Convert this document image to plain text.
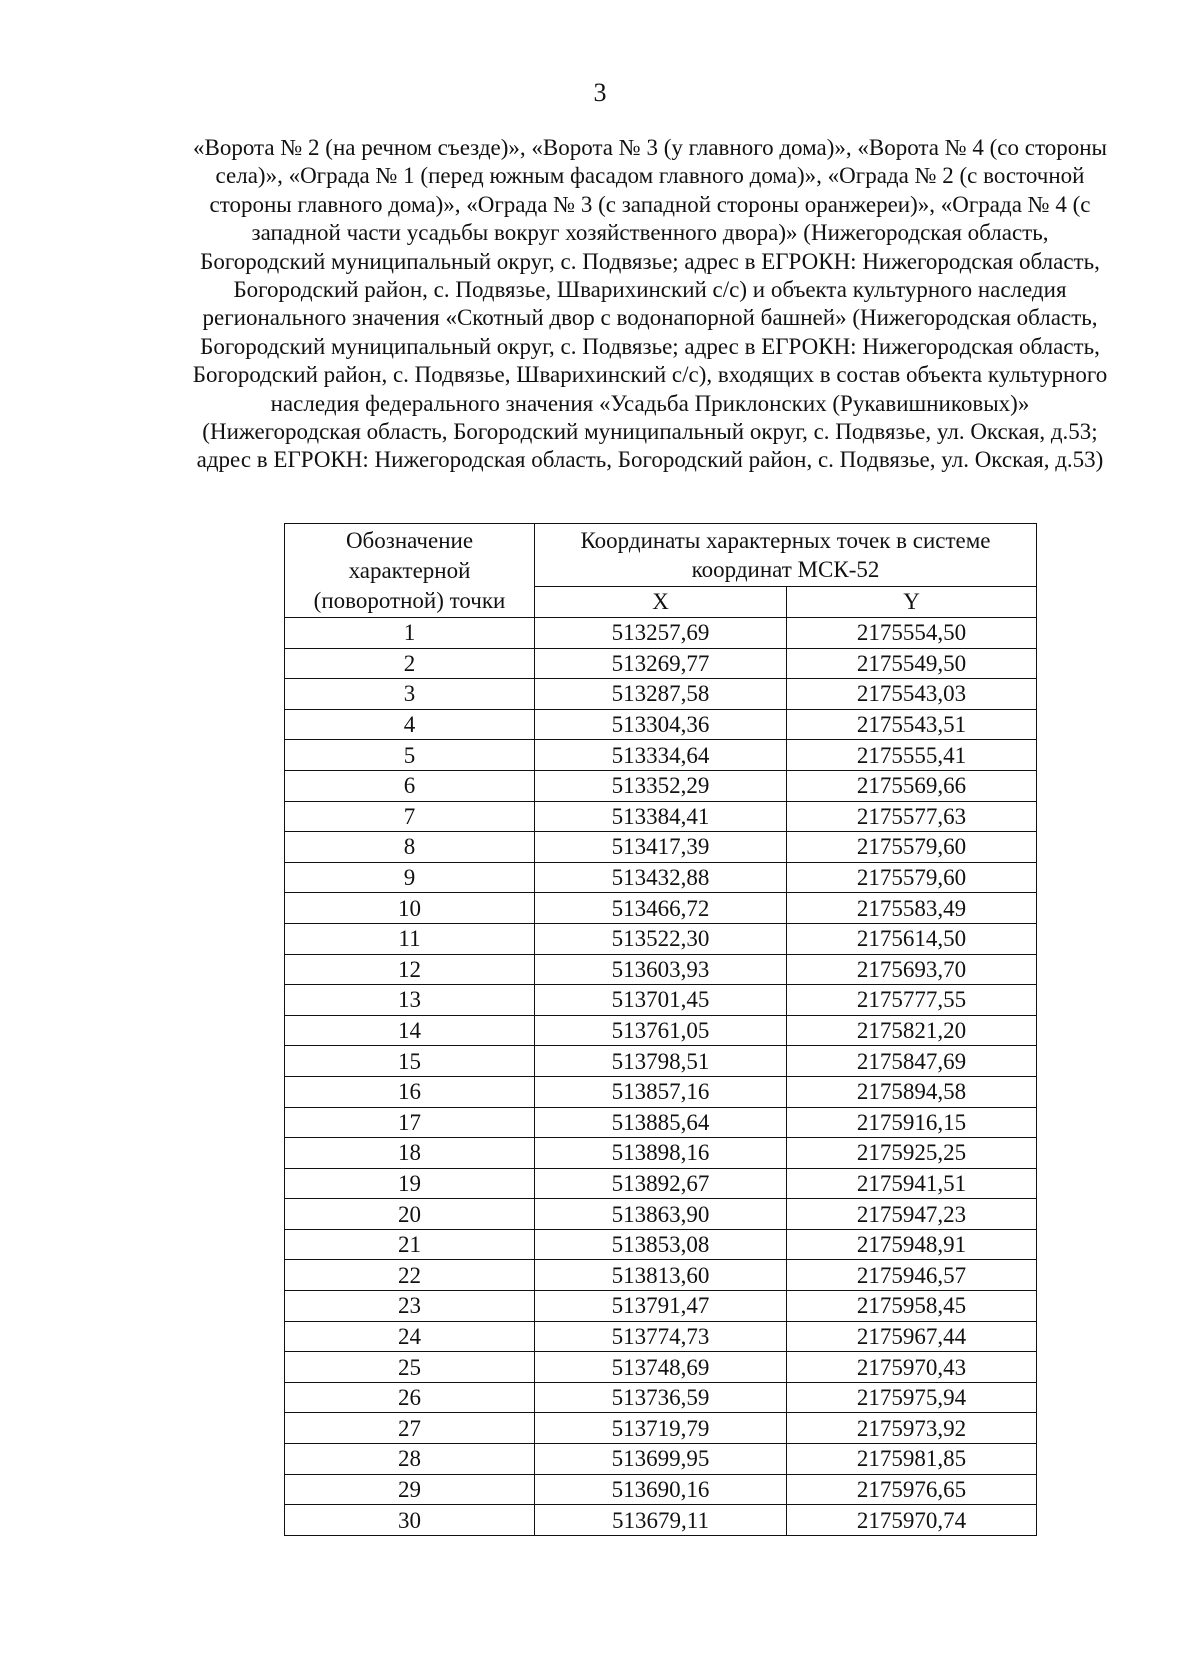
3

«Ворота № 2 (на речном съезде)», «Ворота № 3 (у главного дома)», «Ворота № 4 (со стороны села)», «Ограда № 1 (перед южным фасадом главного дома)», «Ограда № 2 (с восточной стороны главного дома)», «Ограда № 3 (с западной стороны оранжереи)», «Ограда № 4 (с западной части усадьбы вокруг хозяйственного двора)» (Нижегородская область, Богородский муниципальный округ, с. Подвязье; адрес в ЕГРОКН: Нижегородская область, Богородский район, с. Подвязье, Шварихинский с/с) и объекта культурного наследия регионального значения «Скотный двор с водонапорной башней» (Нижегородская область, Богородский муниципальный округ, с. Подвязье; адрес в ЕГРОКН: Нижегородская область, Богородский район, с. Подвязье, Шварихинский с/с), входящих в состав объекта культурного наследия федерального значения «Усадьба Приклонских (Рукавишниковых)» (Нижегородская область, Богородский муниципальный округ, с. Подвязье, ул. Окская, д.53; адрес в ЕГРОКН: Нижегородская область, Богородский район, с. Подвязье, ул. Окская, д.53)

Обозначение характерной (поворотной) точки	Координаты характерных точек в системе координат МСК-52	
	X	Y
1	513257,69	2175554,50
2	513269,77	2175549,50
3	513287,58	2175543,03
4	513304,36	2175543,51
5	513334,64	2175555,41
6	513352,29	2175569,66
7	513384,41	2175577,63
8	513417,39	2175579,60
9	513432,88	2175579,60
10	513466,72	2175583,49
11	513522,30	2175614,50
12	513603,93	2175693,70
13	513701,45	2175777,55
14	513761,05	2175821,20
15	513798,51	2175847,69
16	513857,16	2175894,58
17	513885,64	2175916,15
18	513898,16	2175925,25
19	513892,67	2175941,51
20	513863,90	2175947,23
21	513853,08	2175948,91
22	513813,60	2175946,57
23	513791,47	2175958,45
24	513774,73	2175967,44
25	513748,69	2175970,43
26	513736,59	2175975,94
27	513719,79	2175973,92
28	513699,95	2175981,85
29	513690,16	2175976,65
30	513679,11	2175970,74
